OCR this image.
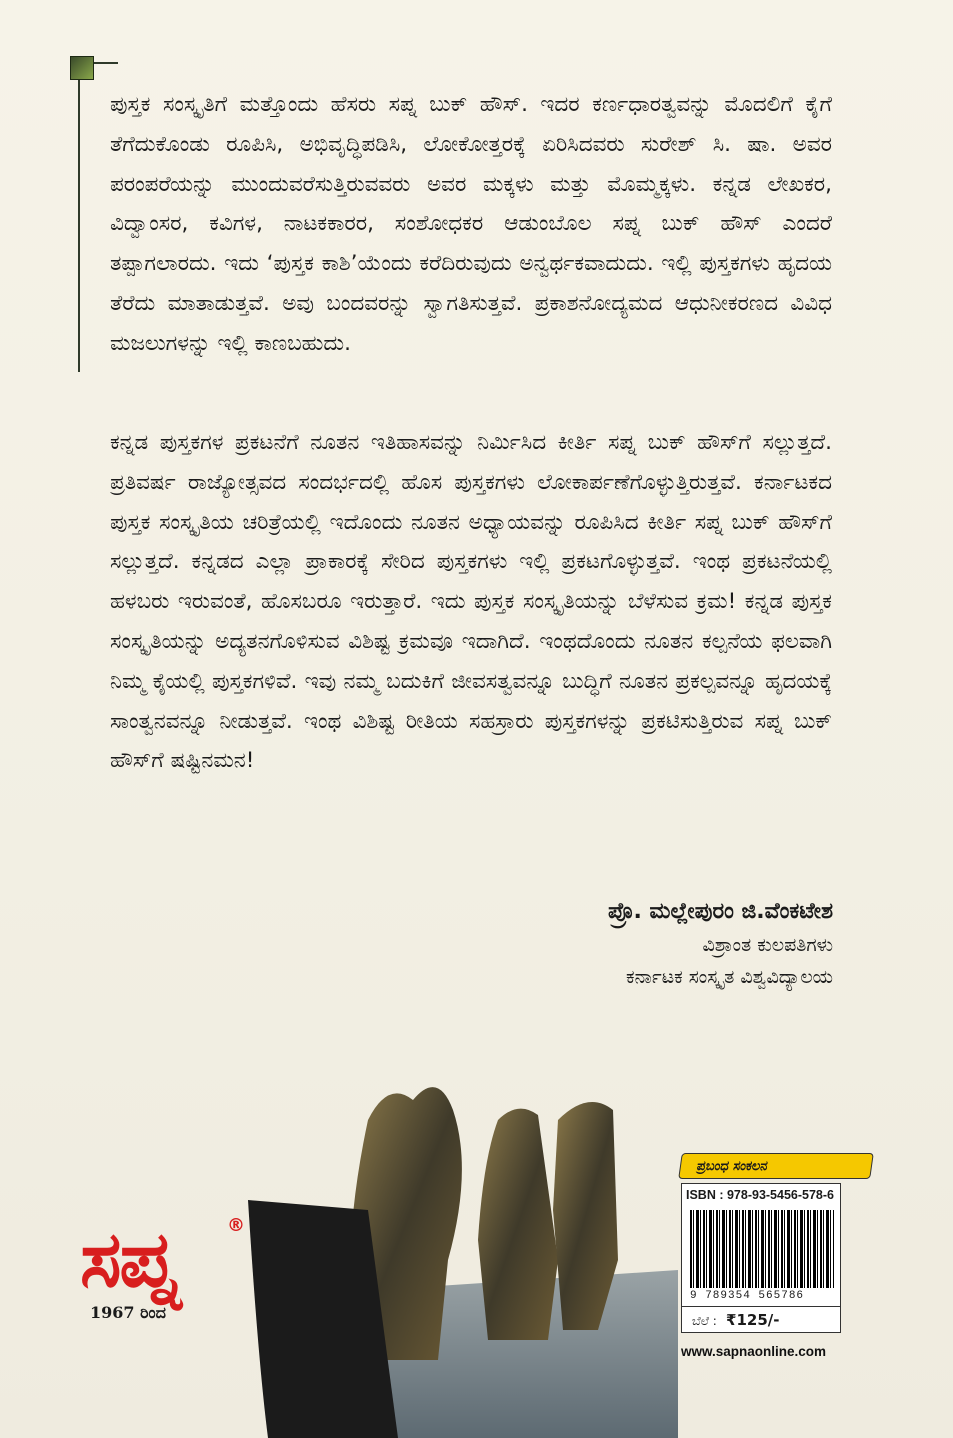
ಪುಸ್ತಕ ಸಂಸ್ಕೃತಿಗೆ ಮತ್ತೊಂದು ಹೆಸರು ಸಪ್ನ ಬುಕ್ ಹೌಸ್. ಇದರ ಕರ್ಣಧಾರತ್ವವನ್ನು ಮೊದಲಿಗೆ ಕೈಗೆ ತೆಗೆದುಕೊಂಡು ರೂಪಿಸಿ, ಅಭಿವೃದ್ಧಿಪಡಿಸಿ, ಲೋಕೋತ್ತರಕ್ಕೆ ಏರಿಸಿದವರು ಸುರೇಶ್ ಸಿ. ಷಾ. ಅವರ ಪರಂಪರೆಯನ್ನು ಮುಂದುವರೆಸುತ್ತಿರುವವರು ಅವರ ಮಕ್ಕಳು ಮತ್ತು ಮೊಮ್ಮಕ್ಕಳು. ಕನ್ನಡ ಲೇಖಕರ, ವಿದ್ವಾಂಸರ, ಕವಿಗಳ, ನಾಟಕಕಾರರ, ಸಂಶೋಧಕರ ಆಡುಂಬೊಲ ಸಪ್ನ ಬುಕ್ ಹೌಸ್ ಎಂದರೆ ತಪ್ಪಾಗಲಾರದು. ಇದು ‘ಪುಸ್ತಕ ಕಾಶಿ’ಯೆಂದು ಕರೆದಿರುವುದು ಅನ್ವರ್ಥಕವಾದುದು. ಇಲ್ಲಿ ಪುಸ್ತಕಗಳು ಹೃದಯ ತೆರೆದು ಮಾತಾಡುತ್ತವೆ. ಅವು ಬಂದವರನ್ನು ಸ್ವಾಗತಿಸುತ್ತವೆ. ಪ್ರಕಾಶನೋದ್ಯಮದ ಆಧುನೀಕರಣದ ವಿವಿಧ ಮಜಲುಗಳನ್ನು ಇಲ್ಲಿ ಕಾಣಬಹುದು.

ಕನ್ನಡ ಪುಸ್ತಕಗಳ ಪ್ರಕಟನೆಗೆ ನೂತನ ಇತಿಹಾಸವನ್ನು ನಿರ್ಮಿಸಿದ ಕೀರ್ತಿ ಸಪ್ನ ಬುಕ್ ಹೌಸ್‌ಗೆ ಸಲ್ಲುತ್ತದೆ. ಪ್ರತಿವರ್ಷ ರಾಜ್ಯೋತ್ಸವದ ಸಂದರ್ಭದಲ್ಲಿ ಹೊಸ ಪುಸ್ತಕಗಳು ಲೋಕಾರ್ಪಣೆಗೊಳ್ಳುತ್ತಿರುತ್ತವೆ. ಕರ್ನಾಟಕದ ಪುಸ್ತಕ ಸಂಸ್ಕೃತಿಯ ಚರಿತ್ರೆಯಲ್ಲಿ ಇದೊಂದು ನೂತನ ಅಧ್ಯಾಯವನ್ನು ರೂಪಿಸಿದ ಕೀರ್ತಿ ಸಪ್ನ ಬುಕ್ ಹೌಸ್‌ಗೆ ಸಲ್ಲುತ್ತದೆ. ಕನ್ನಡದ ಎಲ್ಲಾ ಪ್ರಾಕಾರಕ್ಕೆ ಸೇರಿದ ಪುಸ್ತಕಗಳು ಇಲ್ಲಿ ಪ್ರಕಟಗೊಳ್ಳುತ್ತವೆ. ಇಂಥ ಪ್ರಕಟನೆಯಲ್ಲಿ ಹಳಬರು ಇರುವಂತೆ, ಹೊಸಬರೂ ಇರುತ್ತಾರೆ. ಇದು ಪುಸ್ತಕ ಸಂಸ್ಕೃತಿಯನ್ನು ಬೆಳೆಸುವ ಕ್ರಮ! ಕನ್ನಡ ಪುಸ್ತಕ ಸಂಸ್ಕೃತಿಯನ್ನು ಅದ್ಯತನಗೊಳಿಸುವ ವಿಶಿಷ್ಟ ಕ್ರಮವೂ ಇದಾಗಿದೆ. ಇಂಥದೊಂದು ನೂತನ ಕಲ್ಪನೆಯ ಫಲವಾಗಿ ನಿಮ್ಮ ಕೈಯಲ್ಲಿ ಪುಸ್ತಕಗಳಿವೆ. ಇವು ನಮ್ಮ ಬದುಕಿಗೆ ಜೀವಸತ್ವವನ್ನೂ ಬುದ್ಧಿಗೆ ನೂತನ ಪ್ರಕಲ್ಪವನ್ನೂ ಹೃದಯಕ್ಕೆ ಸಾಂತ್ವನವನ್ನೂ ನೀಡುತ್ತವೆ. ಇಂಥ ವಿಶಿಷ್ಟ ರೀತಿಯ ಸಹಸ್ರಾರು ಪುಸ್ತಕಗಳನ್ನು ಪ್ರಕಟಿಸುತ್ತಿರುವ ಸಪ್ನ ಬುಕ್ ಹೌಸ್‌ಗೆ ಷಷ್ಟಿನಮನ!

ಪ್ರೊ. ಮಲ್ಲೇಪುರಂ ಜಿ.ವೆಂಕಟೇಶ
ವಿಶ್ರಾಂತ ಕುಲಪತಿಗಳು
ಕರ್ನಾಟಕ ಸಂಸ್ಕೃತ ವಿಶ್ವವಿದ್ಯಾಲಯ
ಸಪ್ನ	®
1967 ರಿಂದ
ಪ್ರಬಂಧ ಸಂಕಲನ
ISBN : 978-93-5456-578-6
9 789354 565786
ಬೆಲೆ : ₹125/-
www.sapnaonline.com
